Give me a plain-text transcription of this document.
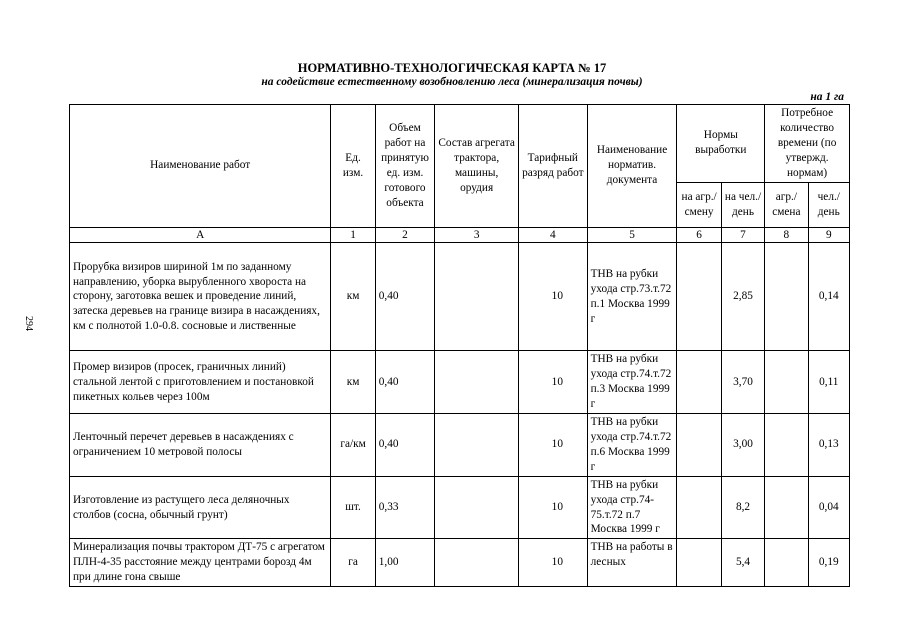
294
НОРМАТИВНО-ТЕХНОЛОГИЧЕСКАЯ КАРТА № 17
на содействие естественному возобновлению леса (минерализация почвы)
на 1 га
Наименование работ	Ед. изм.	Объем работ на принятую ед. изм. готового объекта	Состав агрегата трактора, машины, орудия	Тарифный разряд работ	Наименование норматив. документа	Нормы выработки		Потребное количество времени (по утвержд. нормам)	
						на агр./ смену	на чел./ день	агр./ смена	чел./ день
А	1	2	3	4	5	6	7	8	9
Прорубка визиров шириной 1м по заданному направлению, уборка вырубленного хвороста на сторону, заготовка вешек и проведение линий, затеска деревьев на границе визира в насаждениях, км с полнотой 1.0-0.8. сосновые и лиственные	км	0,40		10	ТНВ на рубки ухода стр.73.т.72 п.1 Москва 1999 г		2,85		0,14
Промер визиров (просек, граничных линий) стальной лентой с приготовлением и постановкой пикетных кольев через 100м	км	0,40		10	ТНВ на рубки ухода стр.74.т.72 п.3 Москва 1999 г		3,70		0,11
Ленточный перечет деревьев в насаждениях с ограничением 10 метровой полосы	га/км	0,40		10	ТНВ на рубки ухода стр.74.т.72 п.6 Москва 1999 г		3,00		0,13
Изготовление из растущего леса деляночных столбов (сосна, обычный грунт)	шт.	0,33		10	ТНВ на рубки ухода стр.74-75.т.72 п.7 Москва 1999 г		8,2		0,04
Минерализация почвы трактором ДТ-75 с агрегатом ПЛН-4-35 расстояние между центрами борозд 4м при длине гона свыше	га	1,00		10	ТНВ на работы в лесных		5,4		0,19
